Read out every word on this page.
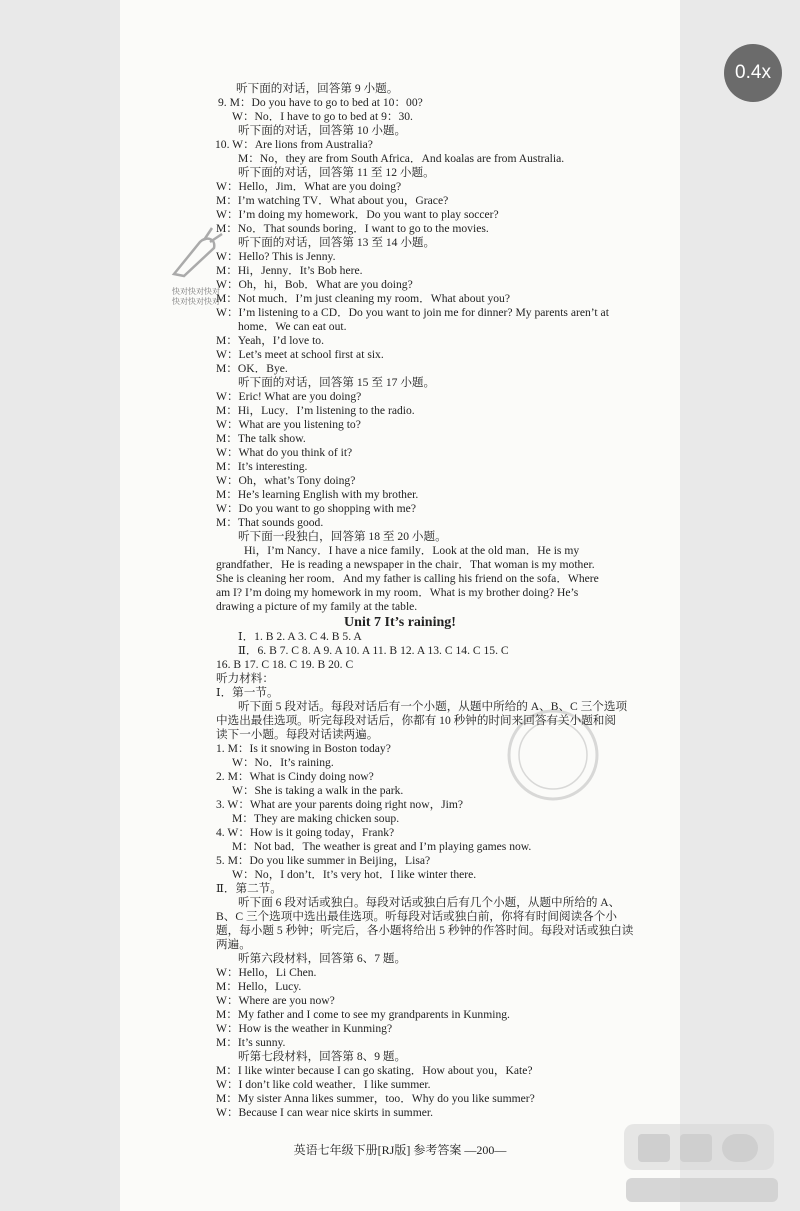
0.4x
快对快对快对 快对快对快对
听下面的对话，回答第 9 小题。
9. M：Do you have to go to bed at 10：00?
W：No．I have to go to bed at 9：30.
听下面的对话，回答第 10 小题。
10. W：Are lions from Australia?
M：No，they are from South Africa．And koalas are from Australia.
听下面的对话，回答第 11 至 12 小题。
W：Hello，Jim．What are you doing?
M：I’m watching TV．What about you，Grace?
W：I’m doing my homework．Do you want to play soccer?
M：No．That sounds boring．I want to go to the movies.
听下面的对话，回答第 13 至 14 小题。
W：Hello? This is Jenny.
M：Hi，Jenny．It’s Bob here.
W：Oh，hi，Bob．What are you doing?
M：Not much．I’m just cleaning my room．What about you?
W：I’m listening to a CD．Do you want to join me for dinner? My parents aren’t at
home．We can eat out.
M：Yeah，I’d love to.
W：Let’s meet at school first at six.
M：OK．Bye.
听下面的对话，回答第 15 至 17 小题。
W：Eric! What are you doing?
M：Hi，Lucy．I’m listening to the radio.
W：What are you listening to?
M：The talk show.
W：What do you think of it?
M：It’s interesting.
W：Oh，what’s Tony doing?
M：He’s learning English with my brother.
W：Do you want to go shopping with me?
M：That sounds good.
听下面一段独白，回答第 18 至 20 小题。
Hi，I’m Nancy．I have a nice family．Look at the old man．He is my
grandfather．He is reading a newspaper in the chair．That woman is my mother.
She is cleaning her room．And my father is calling his friend on the sofa．Where
am I? I’m doing my homework in my room．What is my brother doing? He’s
drawing a picture of my family at the table.
Ⅰ．1. B 2. A 3. C 4. B 5. A
Ⅱ．6. B 7. C 8. A 9. A 10. A 11. B 12. A 13. C 14. C 15. C
16. B 17. C 18. C 19. B 20. C
听力材料：
Ⅰ．第一节。
听下面 5 段对话。每段对话后有一个小题，从题中所给的 A、B、C 三个选项
中选出最佳选项。听完每段对话后，你都有 10 秒钟的时间来回答有关小题和阅
读下一小题。每段对话读两遍。
1. M：Is it snowing in Boston today?
W：No．It’s raining.
2. M：What is Cindy doing now?
W：She is taking a walk in the park.
3. W：What are your parents doing right now，Jim?
M：They are making chicken soup.
4. W：How is it going today，Frank?
M：Not bad．The weather is great and I’m playing games now.
5. M：Do you like summer in Beijing，Lisa?
W：No，I don’t．It’s very hot．I like winter there.
Ⅱ．第二节。
听下面 6 段对话或独白。每段对话或独白后有几个小题，从题中所给的 A、
B、C 三个选项中选出最佳选项。听每段对话或独白前，你将有时间阅读各个小
题，每小题 5 秒钟；听完后，各小题将给出 5 秒钟的作答时间。每段对话或独白读
两遍。
听第六段材料，回答第 6、7 题。
W：Hello，Li Chen.
M：Hello，Lucy.
W：Where are you now?
M：My father and I come to see my grandparents in Kunming.
W：How is the weather in Kunming?
M：It’s sunny.
听第七段材料，回答第 8、9 题。
M：I like winter because I can go skating．How about you，Kate?
W：I don’t like cold weather．I like summer.
M：My sister Anna likes summer，too．Why do you like summer?
W：Because I can wear nice skirts in summer.
Unit 7 It’s raining!
英语七年级下册[RJ版] 参考答案 —200—
